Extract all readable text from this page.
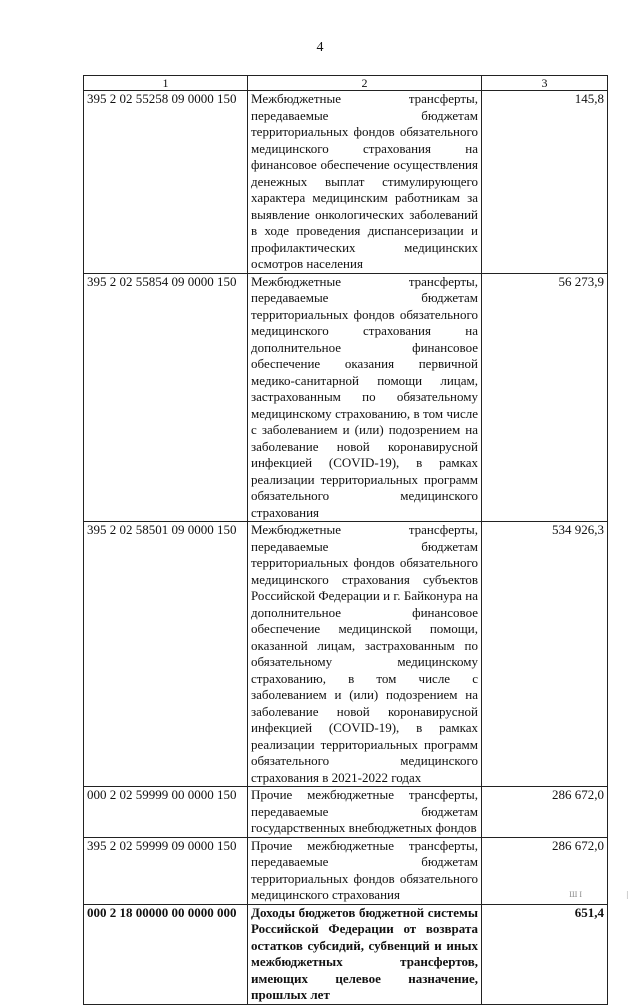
4
1	2	3
395 2 02 55258 09 0000 150	Межбюджетные трансферты, передаваемые бюджетам территориальных фондов обязательного медицинского страхования на финансовое обеспечение осуществления денежных выплат стимулирующего характера медицинским работникам за выявление онкологических заболеваний в ходе проведения диспансеризации и профилактических медицинских осмотров населения	145,8
395 2 02 55854 09 0000 150	Межбюджетные трансферты, передаваемые бюджетам территориальных фондов обязательного медицинского страхования на дополнительное финансовое обеспечение оказания первичной медико-санитарной помощи лицам, застрахованным по обязательному медицинскому страхованию, в том числе с заболеванием и (или) подозрением на заболевание новой коронавирусной инфекцией (COVID-19), в рамках реализации территориальных программ обязательного медицинского страхования	56 273,9
395 2 02 58501 09 0000 150	Межбюджетные трансферты, передаваемые бюджетам территориальных фондов обязательного медицинского страхования субъектов Российской Федерации и г. Байконура на дополнительное финансовое обеспечение медицинской помощи, оказанной лицам, застрахованным по обязательному медицинскому страхованию, в том числе с заболеванием и (или) подозрением на заболевание новой коронавирусной инфекцией (COVID-19), в рамках реализации территориальных программ обязательного медицинского страхования в 2021-2022 годах	534 926,3
000 2 02 59999 00 0000 150	Прочие межбюджетные трансферты, передаваемые бюджетам государственных внебюджетных фондов	286 672,0
395 2 02 59999 09 0000 150	Прочие межбюджетные трансферты, передаваемые бюджетам территориальных фондов обязательного медицинского страхования	286 672,0
000 2 18 00000 00 0000 000	Доходы бюджетов бюджетной системы Российской Федерации от возврата остатков субсидий, субвенций и иных межбюджетных трансфертов, имеющих целевое назначение, прошлых лет	651,4
ШI	|
